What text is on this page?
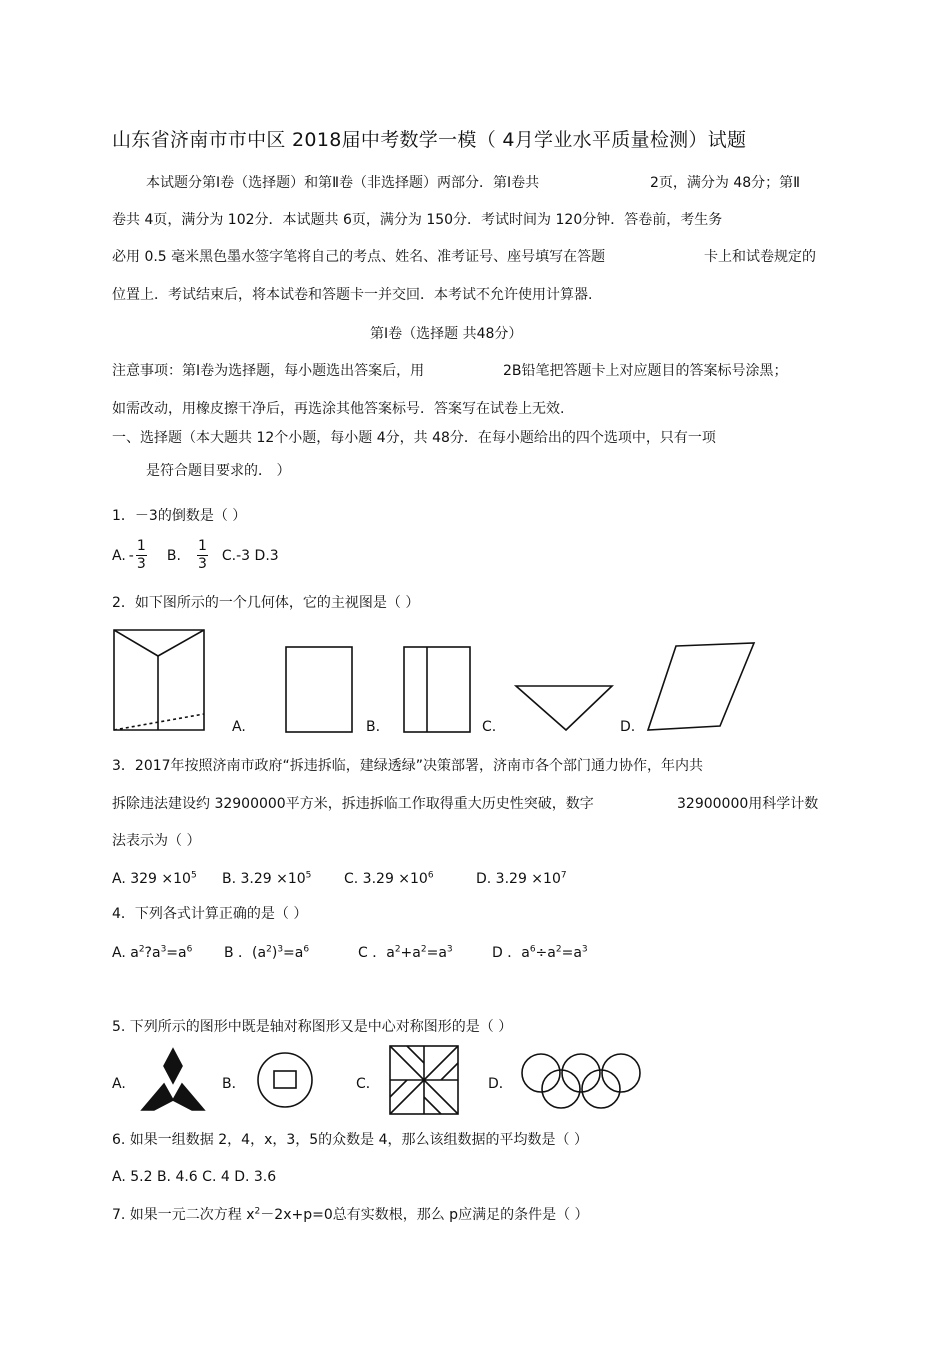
山东省济南市市中区 2018届中考数学一模（ 4月学业水平质量检测）试题
本试题分第Ⅰ卷（选择题）和第Ⅱ卷（非选择题）两部分．第Ⅰ卷共	2页，满分为 48分；第Ⅱ
卷共 4页，满分为 102分．本试题共 6页，满分为 150分．考试时间为 120分钟．答卷前，考生务
必用 0.5 毫米黑色墨水签字笔将自己的考点、姓名、准考证号、座号填写在答题	卡上和试卷规定的
位置上．考试结束后，将本试卷和答题卡一并交回．本考试不允许使用计算器.
第Ⅰ卷（选择题 共48分）
注意事项：第Ⅰ卷为选择题，每小题选出答案后，用	2B铅笔把答题卡上对应题目的答案标号涂黑；
如需改动，用橡皮擦干净后，再选涂其他答案标号．答案写在试卷上无效.
一、选择题（本大题共 12个小题，每小题 4分，共 48分．在每小题给出的四个选项中，只有一项
是符合题目要求的． ）
1．－3的倒数是（ ）
A. - $\frac{1}{3} B$. $\frac{1}{3} C.-3$ D.3
2．如下图所示的一个几何体，它的主视图是（ ）
A.	B.	C.	D.
3．2017年按照济南市政府“拆违拆临，建绿透绿”决策部署，济南市各个部门通力协作，年内共
拆除违法建设约 32900000平方米，拆违拆临工作取得重大历史性突破，数字	32900000用科学计数
法表示为（ ）
A. $329 \times 10^5$ B. $3.29 \times 10^5$ C. $3.29 \times 10^6$	D. $3.29 \times 10^7$
4．下列各式计算正确的是（ ）
A. $a^2?a^3=a^6$ B ．$(a^2)^3=a^6$	C ．$a^2+a^2=a^3$	D ．$a^6\div a^2=a^3$
5. 下列所示的图形中既是轴对称图形又是中心对称图形的是（ ）
A.	B．	C．	D．
6. 如果一组数据 2，4，x，3，5的众数是 4，那么该组数据的平均数是（ ）
A. 5.2 B. 4.6 C. 4 D. 3.6
7. 如果一元二次方程 $x^2-2x+p=0$总有实数根，那么 p应满足的条件是（ ）
